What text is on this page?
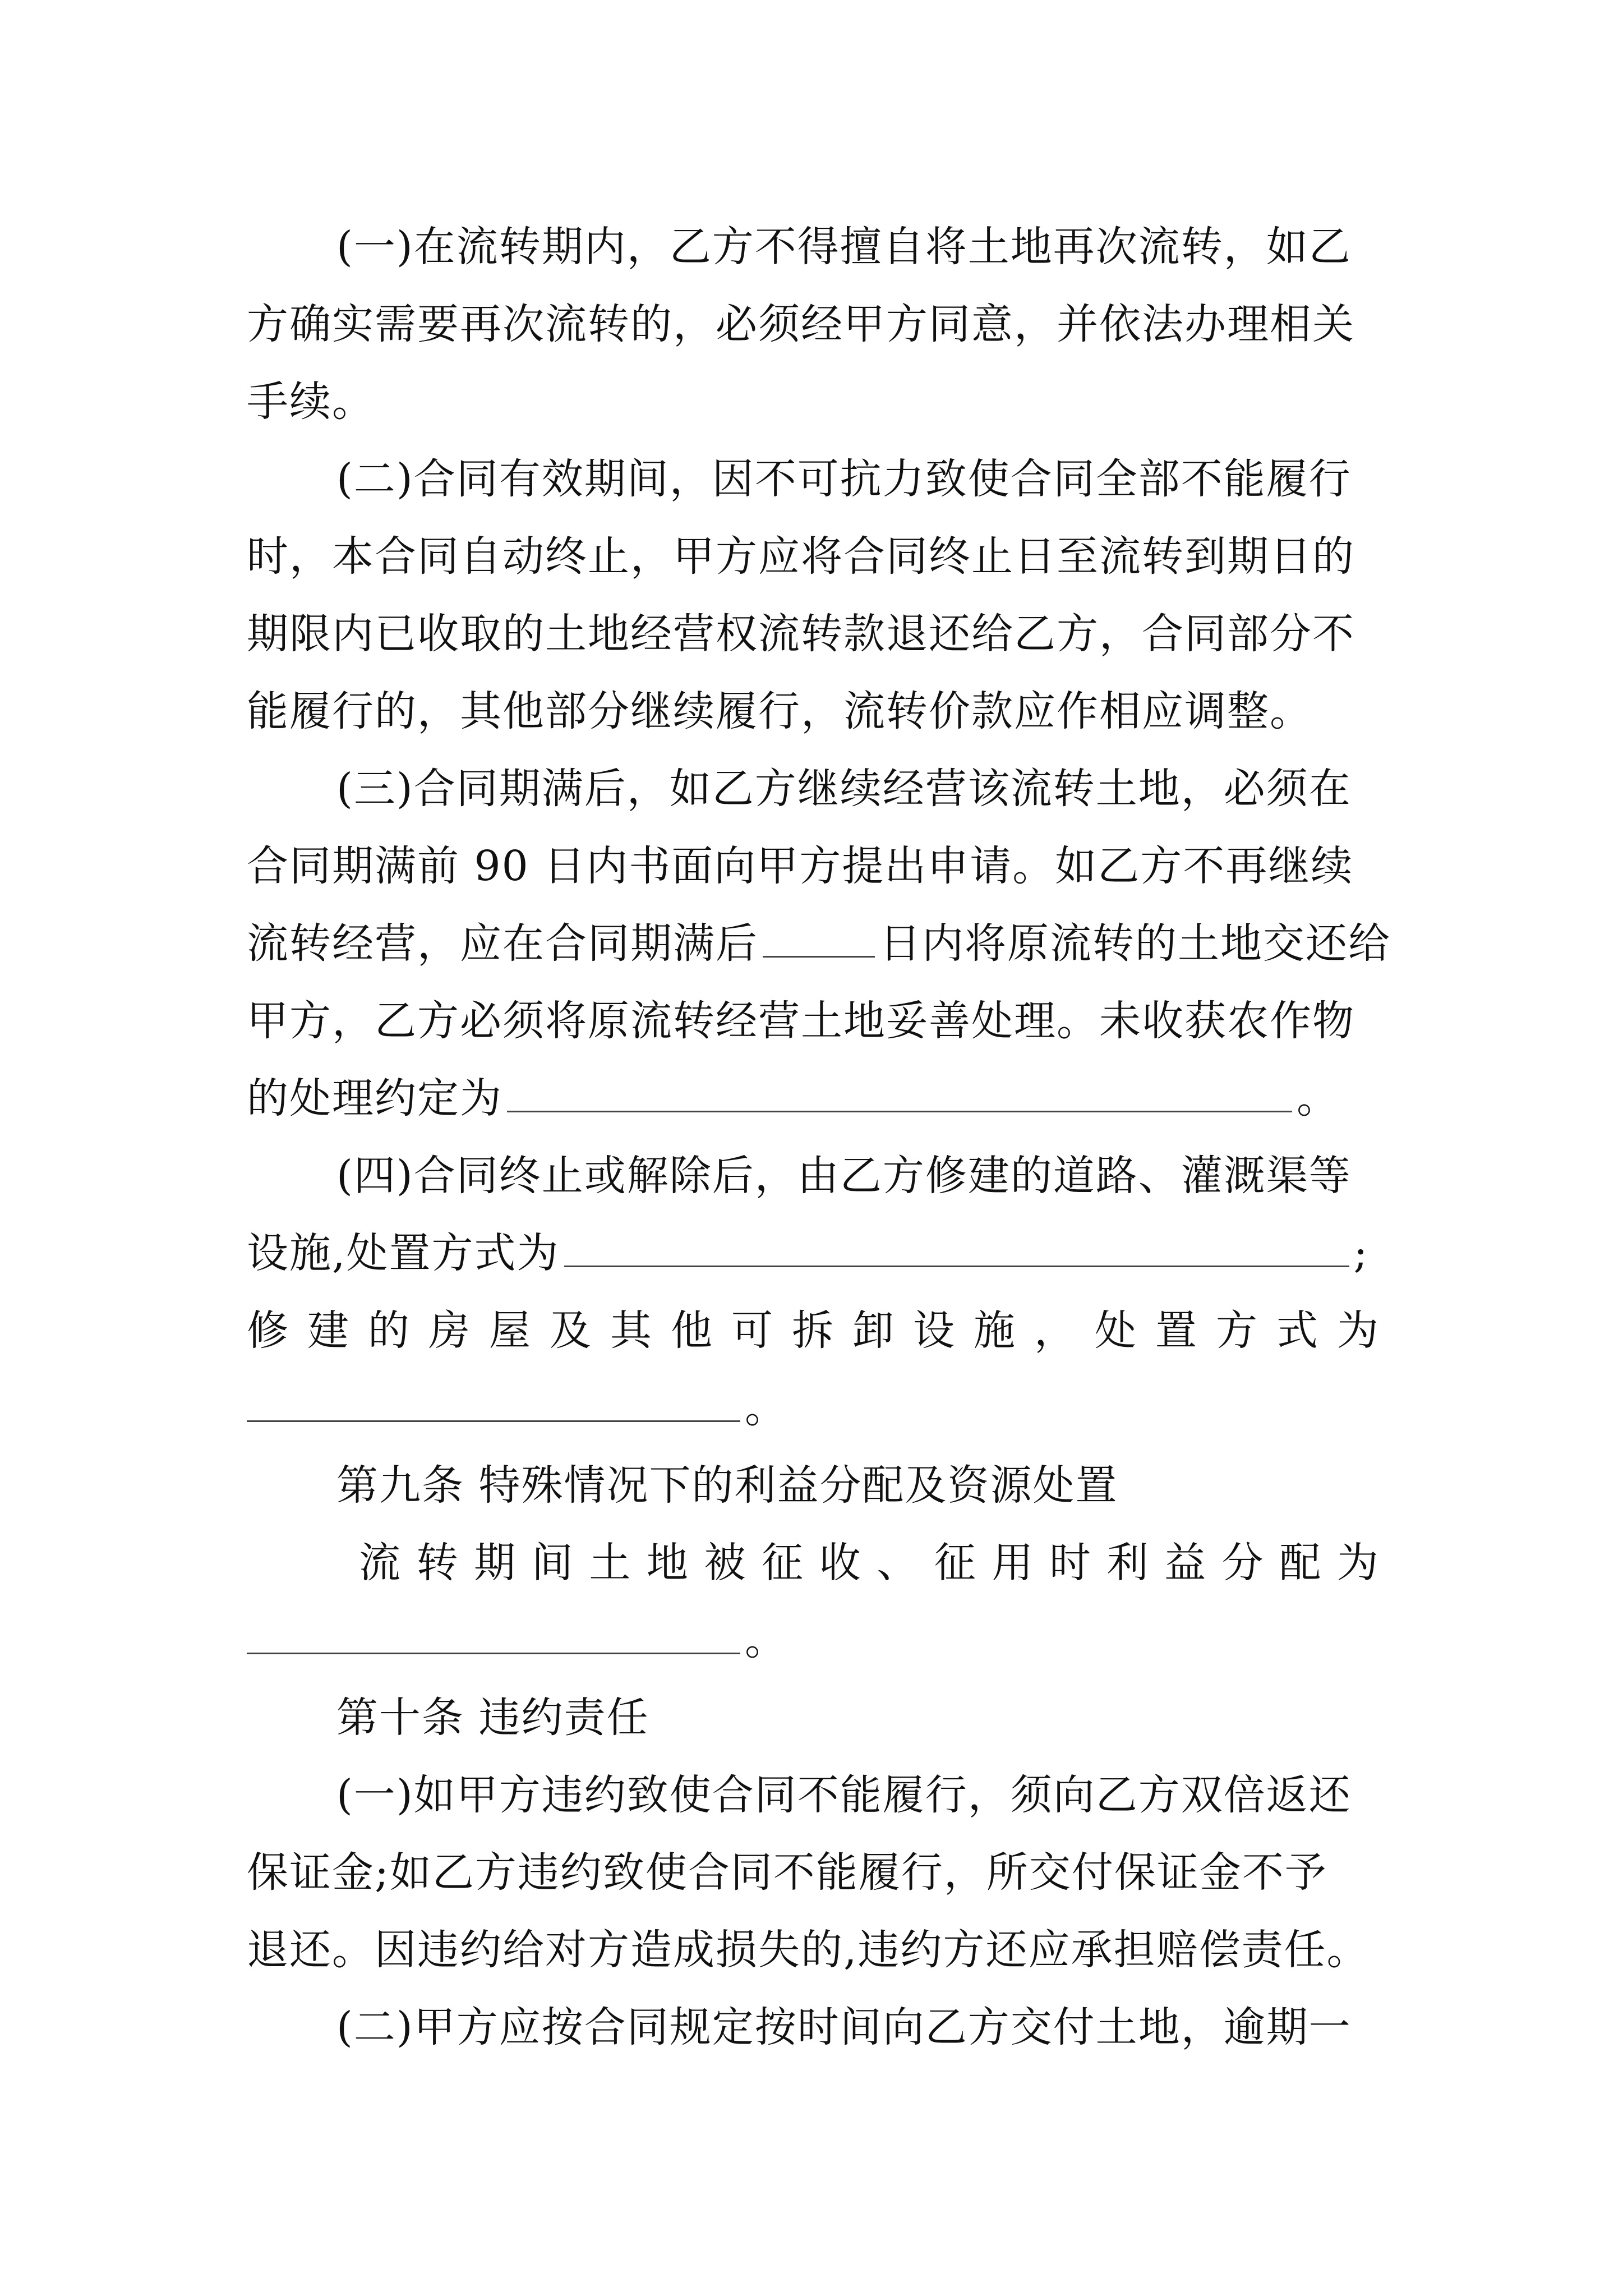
(一)在流转期内，乙方不得擅自将土地再次流转，如乙
方确实需要再次流转的，必须经甲方同意，并依法办理相关
手续。
(二)合同有效期间，因不可抗力致使合同全部不能履行
时，本合同自动终止，甲方应将合同终止日至流转到期日的
期限内已收取的土地经营权流转款退还给乙方，合同部分不
能履行的，其他部分继续履行，流转价款应作相应调整。
(三)合同期满后，如乙方继续经营该流转土地，必须在
合同期满前 90 日内书面向甲方提出申请。如乙方不再继续
流转经营，应在合同期满后	日内将原流转的土地交还给
甲方，乙方必须将原流转经营土地妥善处理。未收获农作物
的处理约定为	。
(四)合同终止或解除后，由乙方修建的道路、灌溉渠等
设施,处置方式为	;
修 建 的 房 屋 及 其 他 可 拆 卸 设 施 ， 处 置 方 式 为
。
第九条 特殊情况下的利益分配及资源处置
流 转 期 间 土 地 被 征 收 、 征 用 时 利 益 分 配 为
。
第十条 违约责任
(一)如甲方违约致使合同不能履行，须向乙方双倍返还
保证金;如乙方违约致使合同不能履行，所交付保证金不予
退还。因违约给对方造成损失的,违约方还应承担赔偿责任。
(二)甲方应按合同规定按时间向乙方交付土地，逾期一
